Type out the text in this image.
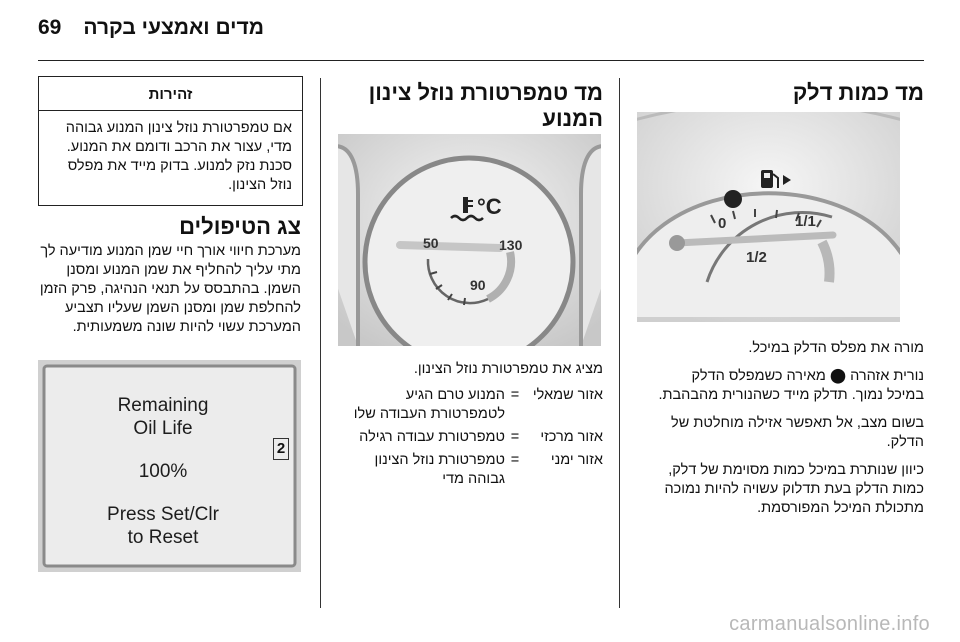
מדים ואמצעי בקרה
69
מד כמות דלק
0
1/2
1/1

מורה את מפלס הדלק במיכל.

נורית אזהרה ⬤ מאירה כשמפלס הדלק במיכל נמוך. תדלק מייד כשהנורית מהבהבת.

בשום מצב, אל תאפשר אזילה מוחלטת של הדלק.

כיוון שנותרת במיכל כמות מסוימת של דלק, כמות הדלק בעת תדלוק עשויה להיות נמוכה מתכולת המיכל המפורסמת.

מד טמפרטורת נוזל צינון
המנוע
°C
50
90
130
מציג את טמפרטורת נוזל הצינון.
אזור שמאלי
=
המנוע טרם הגיע לטמפרטורת העבודה שלו
אזור מרכזי
=
טמפרטורת עבודה רגילה
אזור ימני
=
טמפרטורת נוזל הצינון גבוהה מדי
זהירות
אם טמפרטורת נוזל צינון המנוע גבוהה מדי, עצור את הרכב ודומם את המנוע. סכנת נזק למנוע. בדוק מייד את מפלס נוזל הצינון.
צג הטיפולים
מערכת חיווי אורך חיי שמן המנוע מודיעה לך מתי עליך להחליף את שמן המנוע ומסנן השמן. בהתבסס על תנאי הנהיגה, פרק הזמן להחלפת שמן ומסנן השמן שעליו תצביע המערכת עשוי להיות שונה משמעותית.
Remaining
Oil Life
100%
Press Set/Clr
to Reset
2
carmanualsonline.info
